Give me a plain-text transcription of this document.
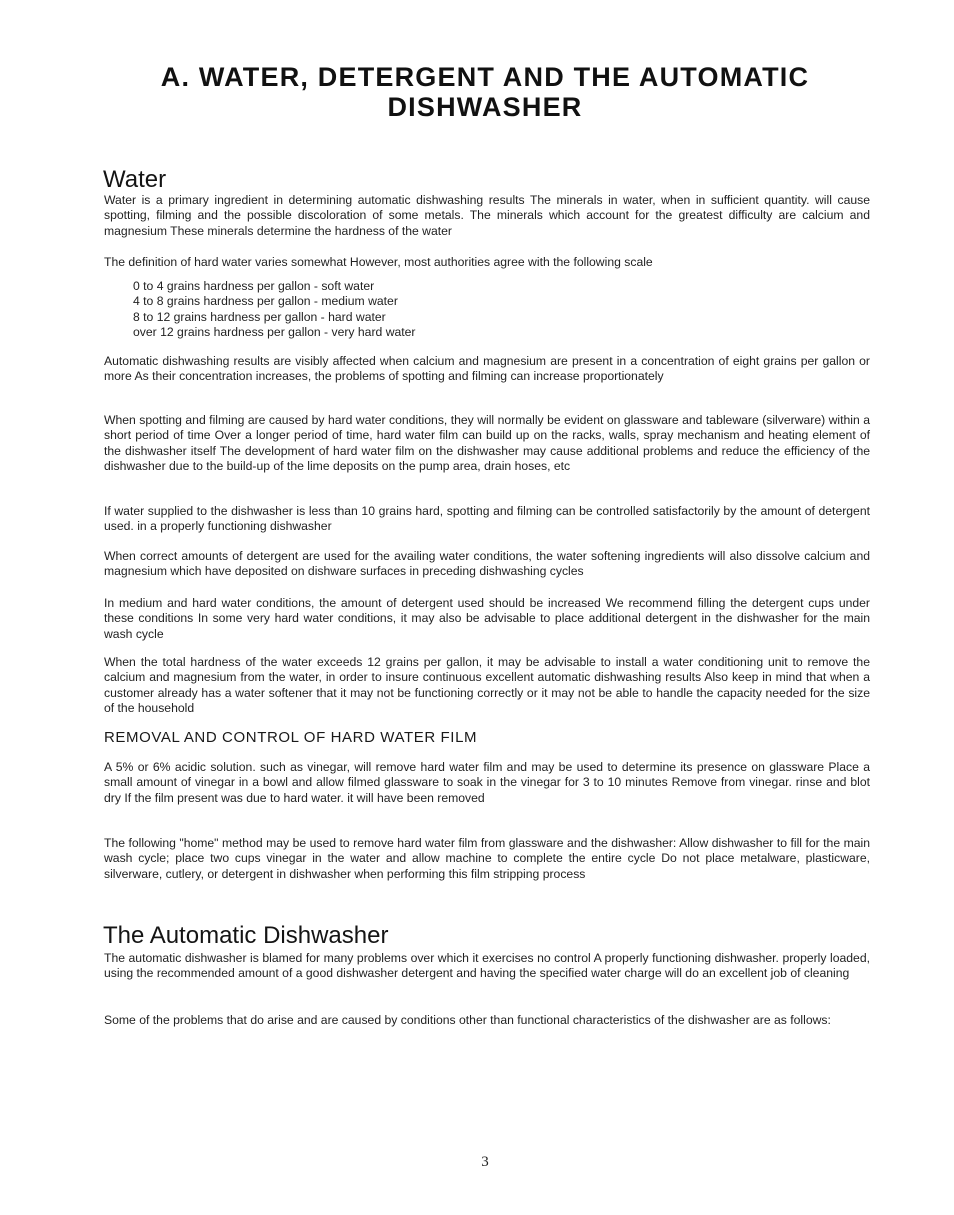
A. WATER, DETERGENT AND THE AUTOMATIC
DISHWASHER
Water
Water is a primary ingredient in determining automatic dishwashing results The minerals in water, when in sufficient quantity. will cause spotting, filming and the possible discoloration of some metals. The minerals which account for the greatest difficulty are calcium and magnesium These minerals determine the hardness of the water
The definition of hard water varies somewhat However, most authorities agree with the following scale
0 to 4 grains hardness per gallon - soft water
4 to 8 grains hardness per gallon - medium water
8 to 12 grains hardness per gallon - hard water
over 12 grains hardness per gallon - very hard water
Automatic dishwashing results are visibly affected when calcium and magnesium are present in a concentration of eight grains per gallon or more As their concentration increases, the problems of spotting and filming can increase proportionately
When spotting and filming are caused by hard water conditions, they will normally be evident on glassware and tableware (silverware) within a short period of time Over a longer period of time, hard water film can build up on the racks, walls, spray mechanism and heating element of the dishwasher itself The development of hard water film on the dishwasher may cause additional problems and reduce the efficiency of the dishwasher due to the build-up of the lime deposits on the pump area, drain hoses, etc
If water supplied to the dishwasher is less than 10 grains hard, spotting and filming can be controlled satisfactorily by the amount of detergent used. in a properly functioning dishwasher
When correct amounts of detergent are used for the availing water conditions, the water softening ingredients will also dissolve calcium and magnesium which have deposited on dishware surfaces in preceding dishwashing cycles
In medium and hard water conditions, the amount of detergent used should be increased We recommend filling the detergent cups under these conditions In some very hard water conditions, it may also be advisable to place additional detergent in the dishwasher for the main wash cycle
When the total hardness of the water exceeds 12 grains per gallon, it may be advisable to install a water conditioning unit to remove the calcium and magnesium from the water, in order to insure continuous excellent automatic dishwashing results Also keep in mind that when a customer already has a water softener that it may not be functioning correctly or it may not be able to handle the capacity needed for the size of the household
REMOVAL AND CONTROL OF HARD WATER FILM
A 5% or 6% acidic solution. such as vinegar, will remove hard water film and may be used to determine its presence on glassware Place a small amount of vinegar in a bowl and allow filmed glassware to soak in the vinegar for 3 to 10 minutes Remove from vinegar. rinse and blot dry If the film present was due to hard water. it will have been removed
The following "home" method may be used to remove hard water film from glassware and the dishwasher: Allow dishwasher to fill for the main wash cycle; place two cups vinegar in the water and allow machine to complete the entire cycle Do not place metalware, plasticware, silverware, cutlery, or detergent in dishwasher when performing this film stripping process
The Automatic Dishwasher
The automatic dishwasher is blamed for many problems over which it exercises no control A properly functioning dishwasher. properly loaded, using the recommended amount of a good dishwasher detergent and having the specified water charge will do an excellent job of cleaning
Some of the problems that do arise and are caused by conditions other than functional characteristics of the dishwasher are as follows:
3
